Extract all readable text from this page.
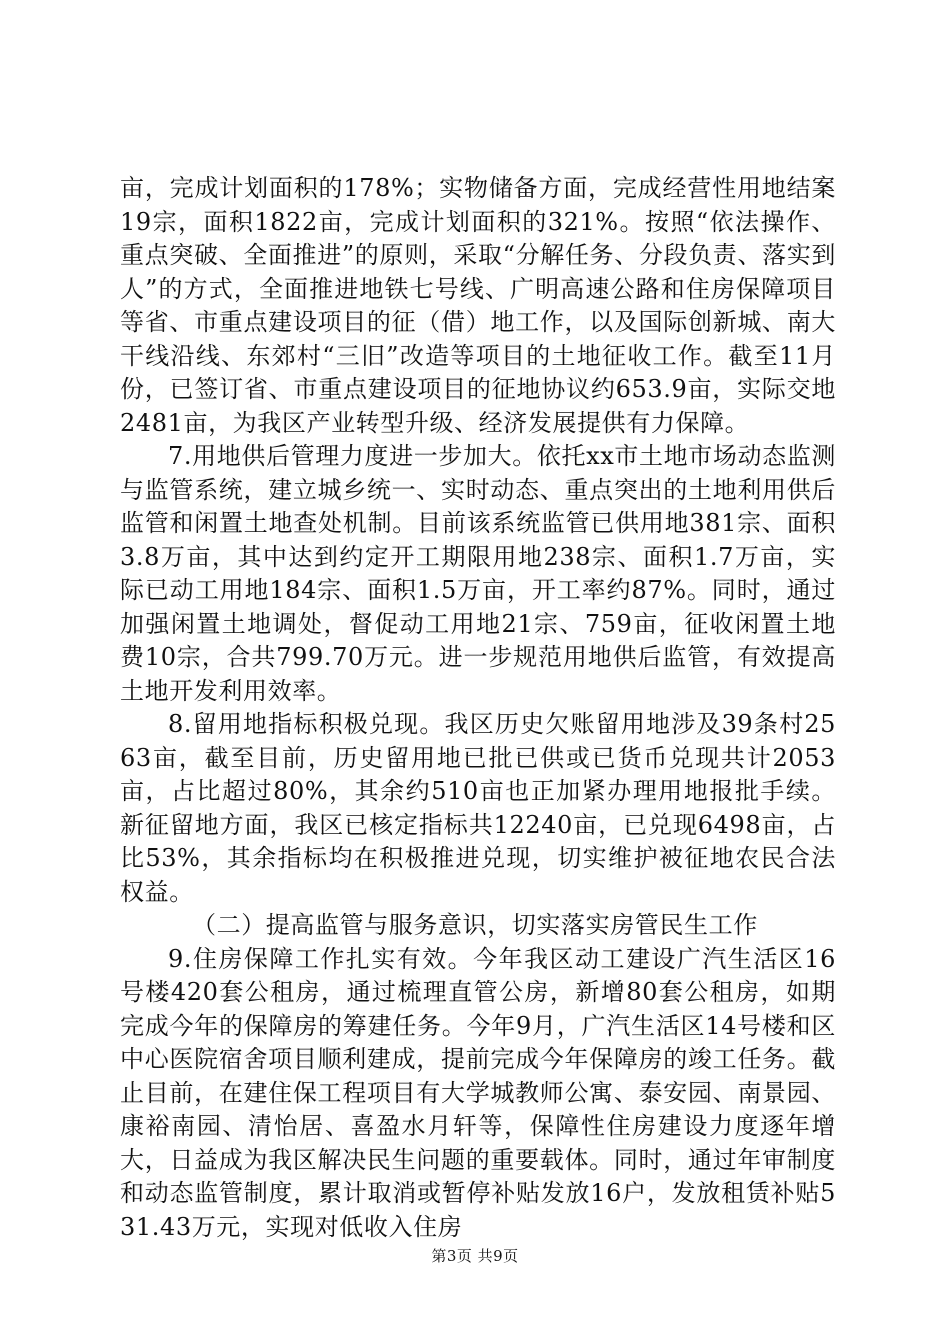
亩，完成计划面积的178%；实物储备方面，完成经营性用地结案19宗，面积1822亩，完成计划面积的321%。按照“依法操作、重点突破、全面推进”的原则，采取“分解任务、分段负责、落实到人”的方式，全面推进地铁七号线、广明高速公路和住房保障项目等省、市重点建设项目的征（借）地工作，以及国际创新城、南大干线沿线、东郊村“三旧”改造等项目的土地征收工作。截至11月份，已签订省、市重点建设项目的征地协议约653.9亩，实际交地2481亩，为我区产业转型升级、经济发展提供有力保障。

7.用地供后管理力度进一步加大。依托xx市土地市场动态监测与监管系统，建立城乡统一、实时动态、重点突出的土地利用供后监管和闲置土地查处机制。目前该系统监管已供用地381宗、面积3.8万亩，其中达到约定开工期限用地238宗、面积1.7万亩，实际已动工用地184宗、面积1.5万亩，开工率约87%。同时，通过加强闲置土地调处，督促动工用地21宗、759亩，征收闲置土地费10宗，合共799.70万元。进一步规范用地供后监管，有效提高土地开发利用效率。

8.留用地指标积极兑现。我区历史欠账留用地涉及39条村2563亩，截至目前，历史留用地已批已供或已货币兑现共计2053亩，占比超过80%，其余约510亩也正加紧办理用地报批手续。新征留地方面，我区已核定指标共12240亩，已兑现6498亩，占比53%，其余指标均在积极推进兑现，切实维护被征地农民合法权益。

（二）提高监管与服务意识，切实落实房管民生工作

9.住房保障工作扎实有效。今年我区动工建设广汽生活区16号楼420套公租房，通过梳理直管公房，新增80套公租房，如期完成今年的保障房的筹建任务。今年9月，广汽生活区14号楼和区中心医院宿舍项目顺利建成，提前完成今年保障房的竣工任务。截止目前，在建住保工程项目有大学城教师公寓、泰安园、南景园、康裕南园、清怡居、喜盈水月轩等，保障性住房建设力度逐年增大，日益成为我区解决民生问题的重要载体。同时，通过年审制度和动态监管制度，累计取消或暂停补贴发放16户，发放租赁补贴531.43万元，实现对低收入住房

第3页 共9页
